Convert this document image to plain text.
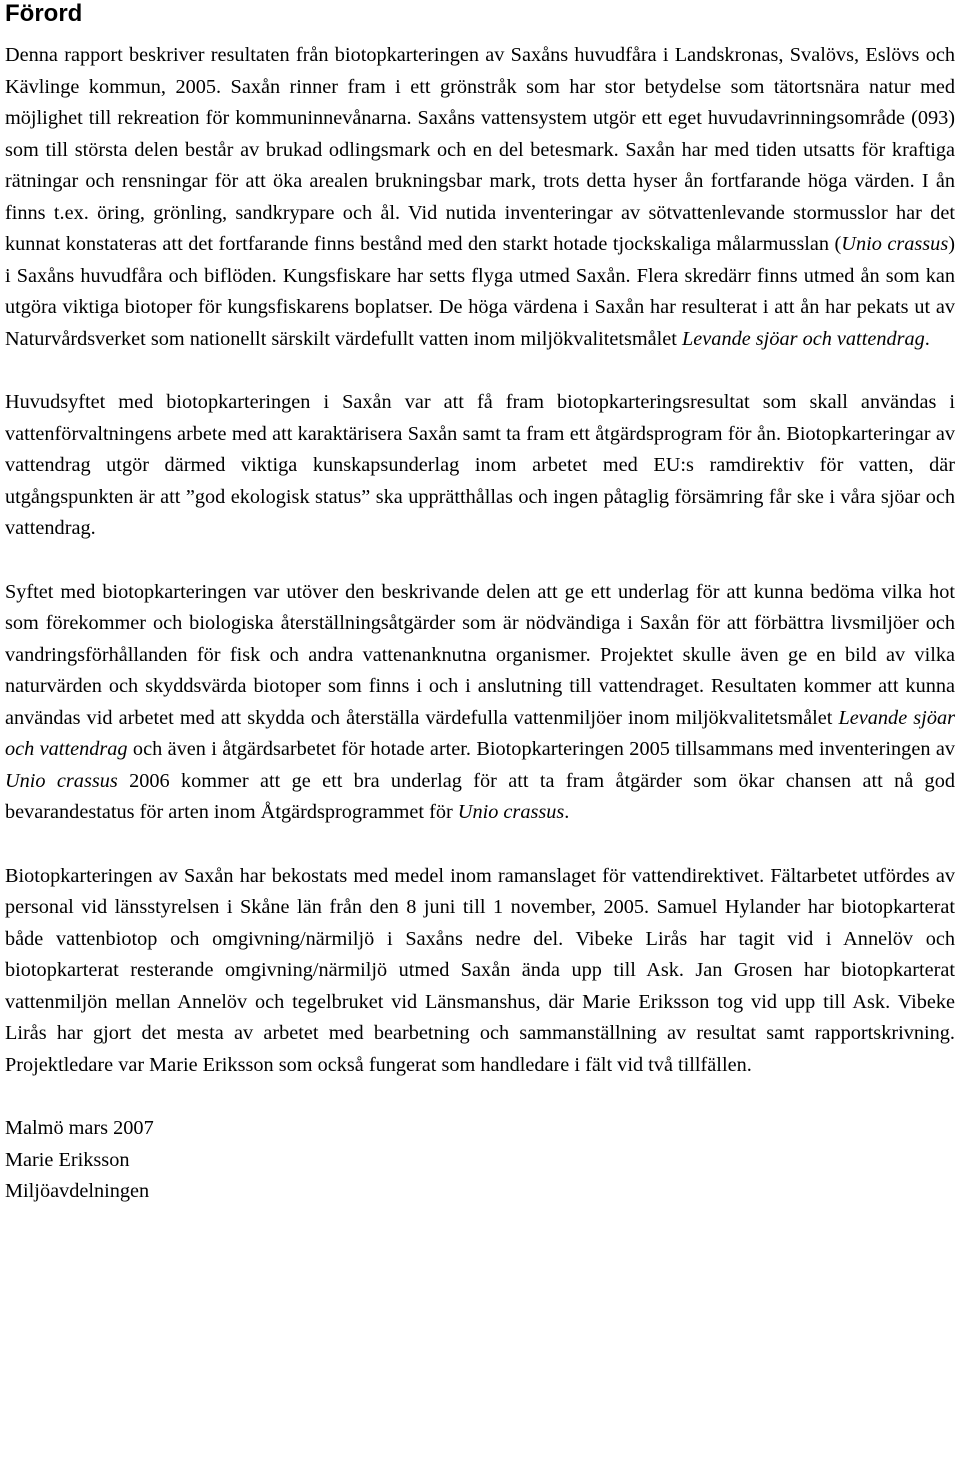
Förord

Denna rapport beskriver resultaten från biotopkarteringen av Saxåns huvudfåra i Landskronas, Svalövs, Eslövs och Kävlinge kommun, 2005. Saxån rinner fram i ett grönstråk som har stor betydelse som tätortsnära natur med möjlighet till rekreation för kommuninnevånarna. Saxåns vattensystem utgör ett eget huvudavrinningsområde (093) som till största delen består av brukad odlingsmark och en del betesmark. Saxån har med tiden utsatts för kraftiga rätningar och rensningar för att öka arealen brukningsbar mark, trots detta hyser ån fortfarande höga värden. I ån finns t.ex. öring, grönling, sandkrypare och ål. Vid nutida inventeringar av sötvattenlevande stormusslor har det kunnat konstateras att det fortfarande finns bestånd med den starkt hotade tjockskaliga målarmusslan (Unio crassus) i Saxåns huvudfåra och biflöden. Kungsfiskare har setts flyga utmed Saxån. Flera skredärr finns utmed ån som kan utgöra viktiga biotoper för kungsfiskarens boplatser. De höga värdena i Saxån har resulterat i att ån har pekats ut av Naturvårdsverket som nationellt särskilt värdefullt vatten inom miljökvalitetsmålet Levande sjöar och vattendrag.

Huvudsyftet med biotopkarteringen i Saxån var att få fram biotopkarteringsresultat som skall användas i vattenförvaltningens arbete med att karaktärisera Saxån samt ta fram ett åtgärdsprogram för ån. Biotopkarteringar av vattendrag utgör därmed viktiga kunskapsunderlag inom arbetet med EU:s ramdirektiv för vatten, där utgångspunkten är att ”god ekologisk status” ska upprätthållas och ingen påtaglig försämring får ske i våra sjöar och vattendrag.

Syftet med biotopkarteringen var utöver den beskrivande delen att ge ett underlag för att kunna bedöma vilka hot som förekommer och biologiska återställningsåtgärder som är nödvändiga i Saxån för att förbättra livsmiljöer och vandringsförhållanden för fisk och andra vattenanknutna organismer. Projektet skulle även ge en bild av vilka naturvärden och skyddsvärda biotoper som finns i och i anslutning till vattendraget. Resultaten kommer att kunna användas vid arbetet med att skydda och återställa värdefulla vattenmiljöer inom miljökvalitetsmålet Levande sjöar och vattendrag och även i åtgärdsarbetet för hotade arter. Biotopkarteringen 2005 tillsammans med inventeringen av Unio crassus 2006 kommer att ge ett bra underlag för att ta fram åtgärder som ökar chansen att nå god bevarandestatus för arten inom Åtgärdsprogrammet för Unio crassus.

Biotopkarteringen av Saxån har bekostats med medel inom ramanslaget för vattendirektivet. Fältarbetet utfördes av personal vid länsstyrelsen i Skåne län från den 8 juni till 1 november, 2005. Samuel Hylander har biotopkarterat både vattenbiotop och omgivning/närmiljö i Saxåns nedre del. Vibeke Lirås har tagit vid i Annelöv och biotopkarterat resterande omgivning/närmiljö utmed Saxån ända upp till Ask. Jan Grosen har biotopkarterat vattenmiljön mellan Annelöv och tegelbruket vid Länsmanshus, där Marie Eriksson tog vid upp till Ask. Vibeke Lirås har gjort det mesta av arbetet med bearbetning och sammanställning av resultat samt rapportskrivning. Projektledare var Marie Eriksson som också fungerat som handledare i fält vid två tillfällen.

Malmö mars 2007
Marie Eriksson
Miljöavdelningen
